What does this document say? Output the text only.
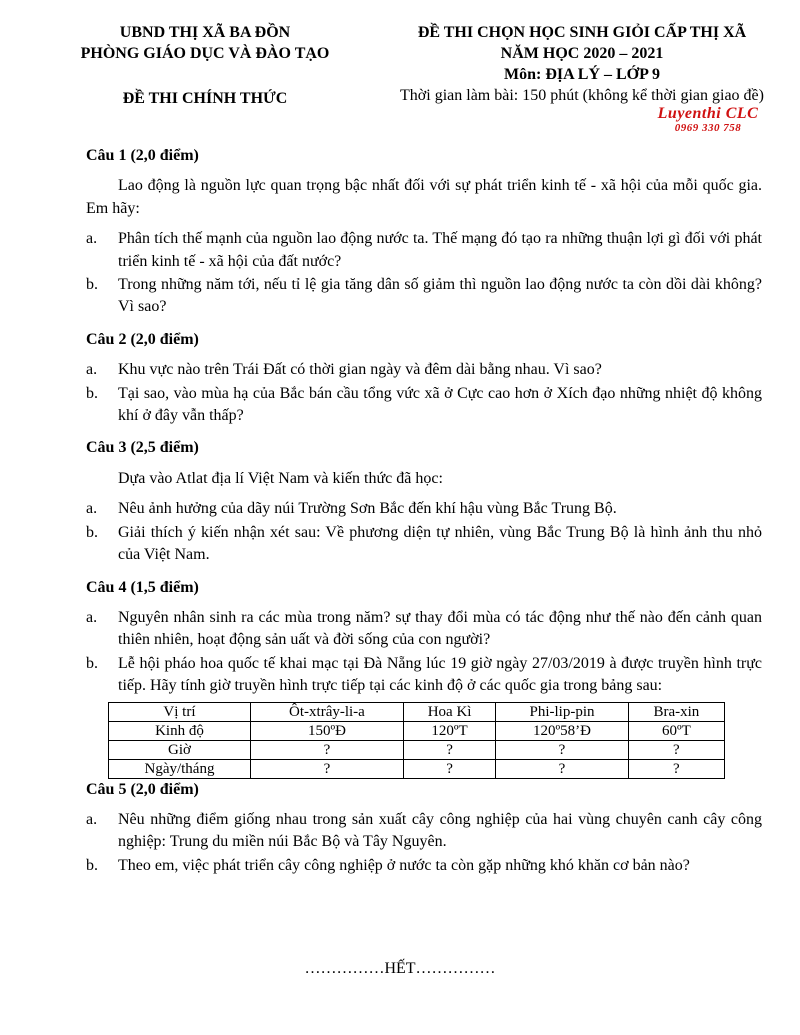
UBND THỊ XÃ BA ĐỒN
PHÒNG GIÁO DỤC VÀ ĐÀO TẠO
ĐỀ THI CHÍNH THỨC
ĐỀ THI CHỌN HỌC SINH GIỎI CẤP THỊ XÃ
NĂM HỌC 2020 – 2021
Môn: ĐỊA LÝ – LỚP 9
Thời gian làm bài: 150 phút (không kể thời gian giao đề)
Luyenthi CLC
0969 330 758
Câu 1 (2,0 điểm)
Lao động là nguồn lực quan trọng bậc nhất đối với sự phát triển kinh tế - xã hội của mỗi quốc gia. Em hãy:
a.	Phân tích thế mạnh của nguồn lao động nước ta. Thế mạng đó tạo ra những thuận lợi gì đối với phát triển kinh tế - xã hội của đất nước?
b.	Trong những năm tới, nếu tỉ lệ gia tăng dân số giảm thì nguồn lao động nước ta còn dồi dài không? Vì sao?
Câu 2 (2,0 điểm)
a.	Khu vực nào trên Trái Đất có thời gian ngày và đêm dài bằng nhau. Vì sao?
b.	Tại sao, vào mùa hạ của Bắc bán cầu tổng vức xã ở Cực cao hơn ở Xích đạo những nhiệt độ không khí ở đây vẫn thấp?
Câu 3 (2,5 điểm)
Dựa vào Atlat địa lí Việt Nam và kiến thức đã học:
a.	Nêu ảnh hưởng của dãy núi Trường Sơn Bắc đến khí hậu vùng Bắc Trung Bộ.
b.	Giải thích ý kiến nhận xét sau: Về phương diện tự nhiên, vùng Bắc Trung Bộ là hình ảnh thu nhỏ của Việt Nam.
Câu 4 (1,5 điểm)
a.	Nguyên nhân sinh ra các mùa trong năm? sự thay đổi mùa có tác động như thế nào đến cảnh quan thiên nhiên, hoạt động sản uất và đời sống của con người?
b.	Lễ hội pháo hoa quốc tế khai mạc tại Đà Nẵng lúc 19 giờ ngày 27/03/2019 à được truyền hình trực tiếp. Hãy tính giờ truyền hình trực tiếp tại các kinh độ ở các quốc gia trong bảng sau:
Vị trí	Ôt-xtrây-li-a	Hoa Kì	Phi-lip-pin	Bra-xin
Kinh độ	150ºĐ	120ºT	120º58’Đ	60ºT
Giờ	?	?	?	?
Ngày/tháng	?	?	?	?
Câu 5 (2,0 điểm)
a.	Nêu những điểm giống nhau trong sản xuất cây công nghiệp của hai vùng chuyên canh cây công nghiệp: Trung du miền núi Bắc Bộ và Tây Nguyên.
b.	Theo em, việc phát triển cây công nghiệp ở nước ta còn gặp những khó khăn cơ bản nào?
……………HẾT……………
